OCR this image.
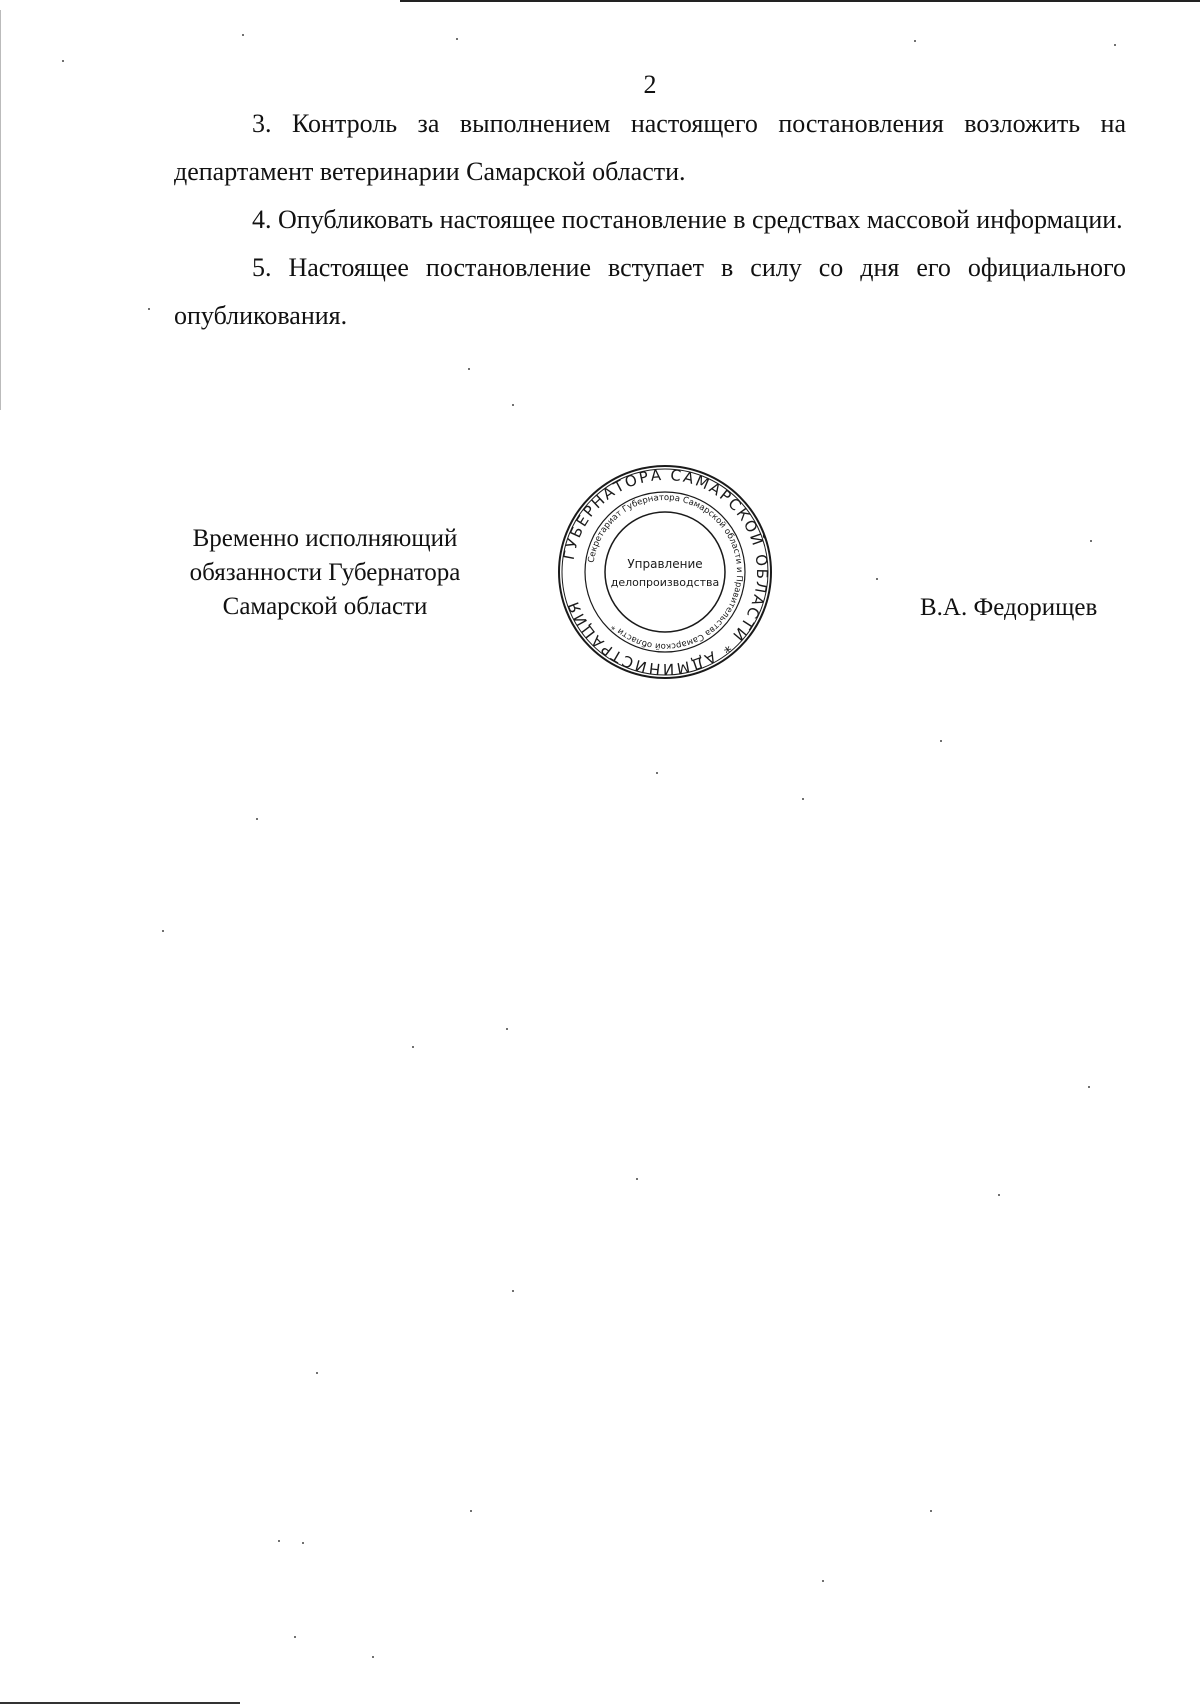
2

3. Контроль за выполнением настоящего постановления возложить на департамент ветеринарии Самарской области.

4. Опубликовать настоящее постановление в средствах массовой информации.

5. Настоящее постановление вступает в силу со дня его официального опубликования.

Временно исполняющий
обязанности Губернатора
Самарской области
ГУБЕРНАТОРА САМАРСКОЙ ОБЛАСТИ * АДМИНИСТРАЦИЯ
Секретариат Губернатора Самарской области и Правительства Самарской области *
Управление
делопроизводства
В.А. Федорищев
